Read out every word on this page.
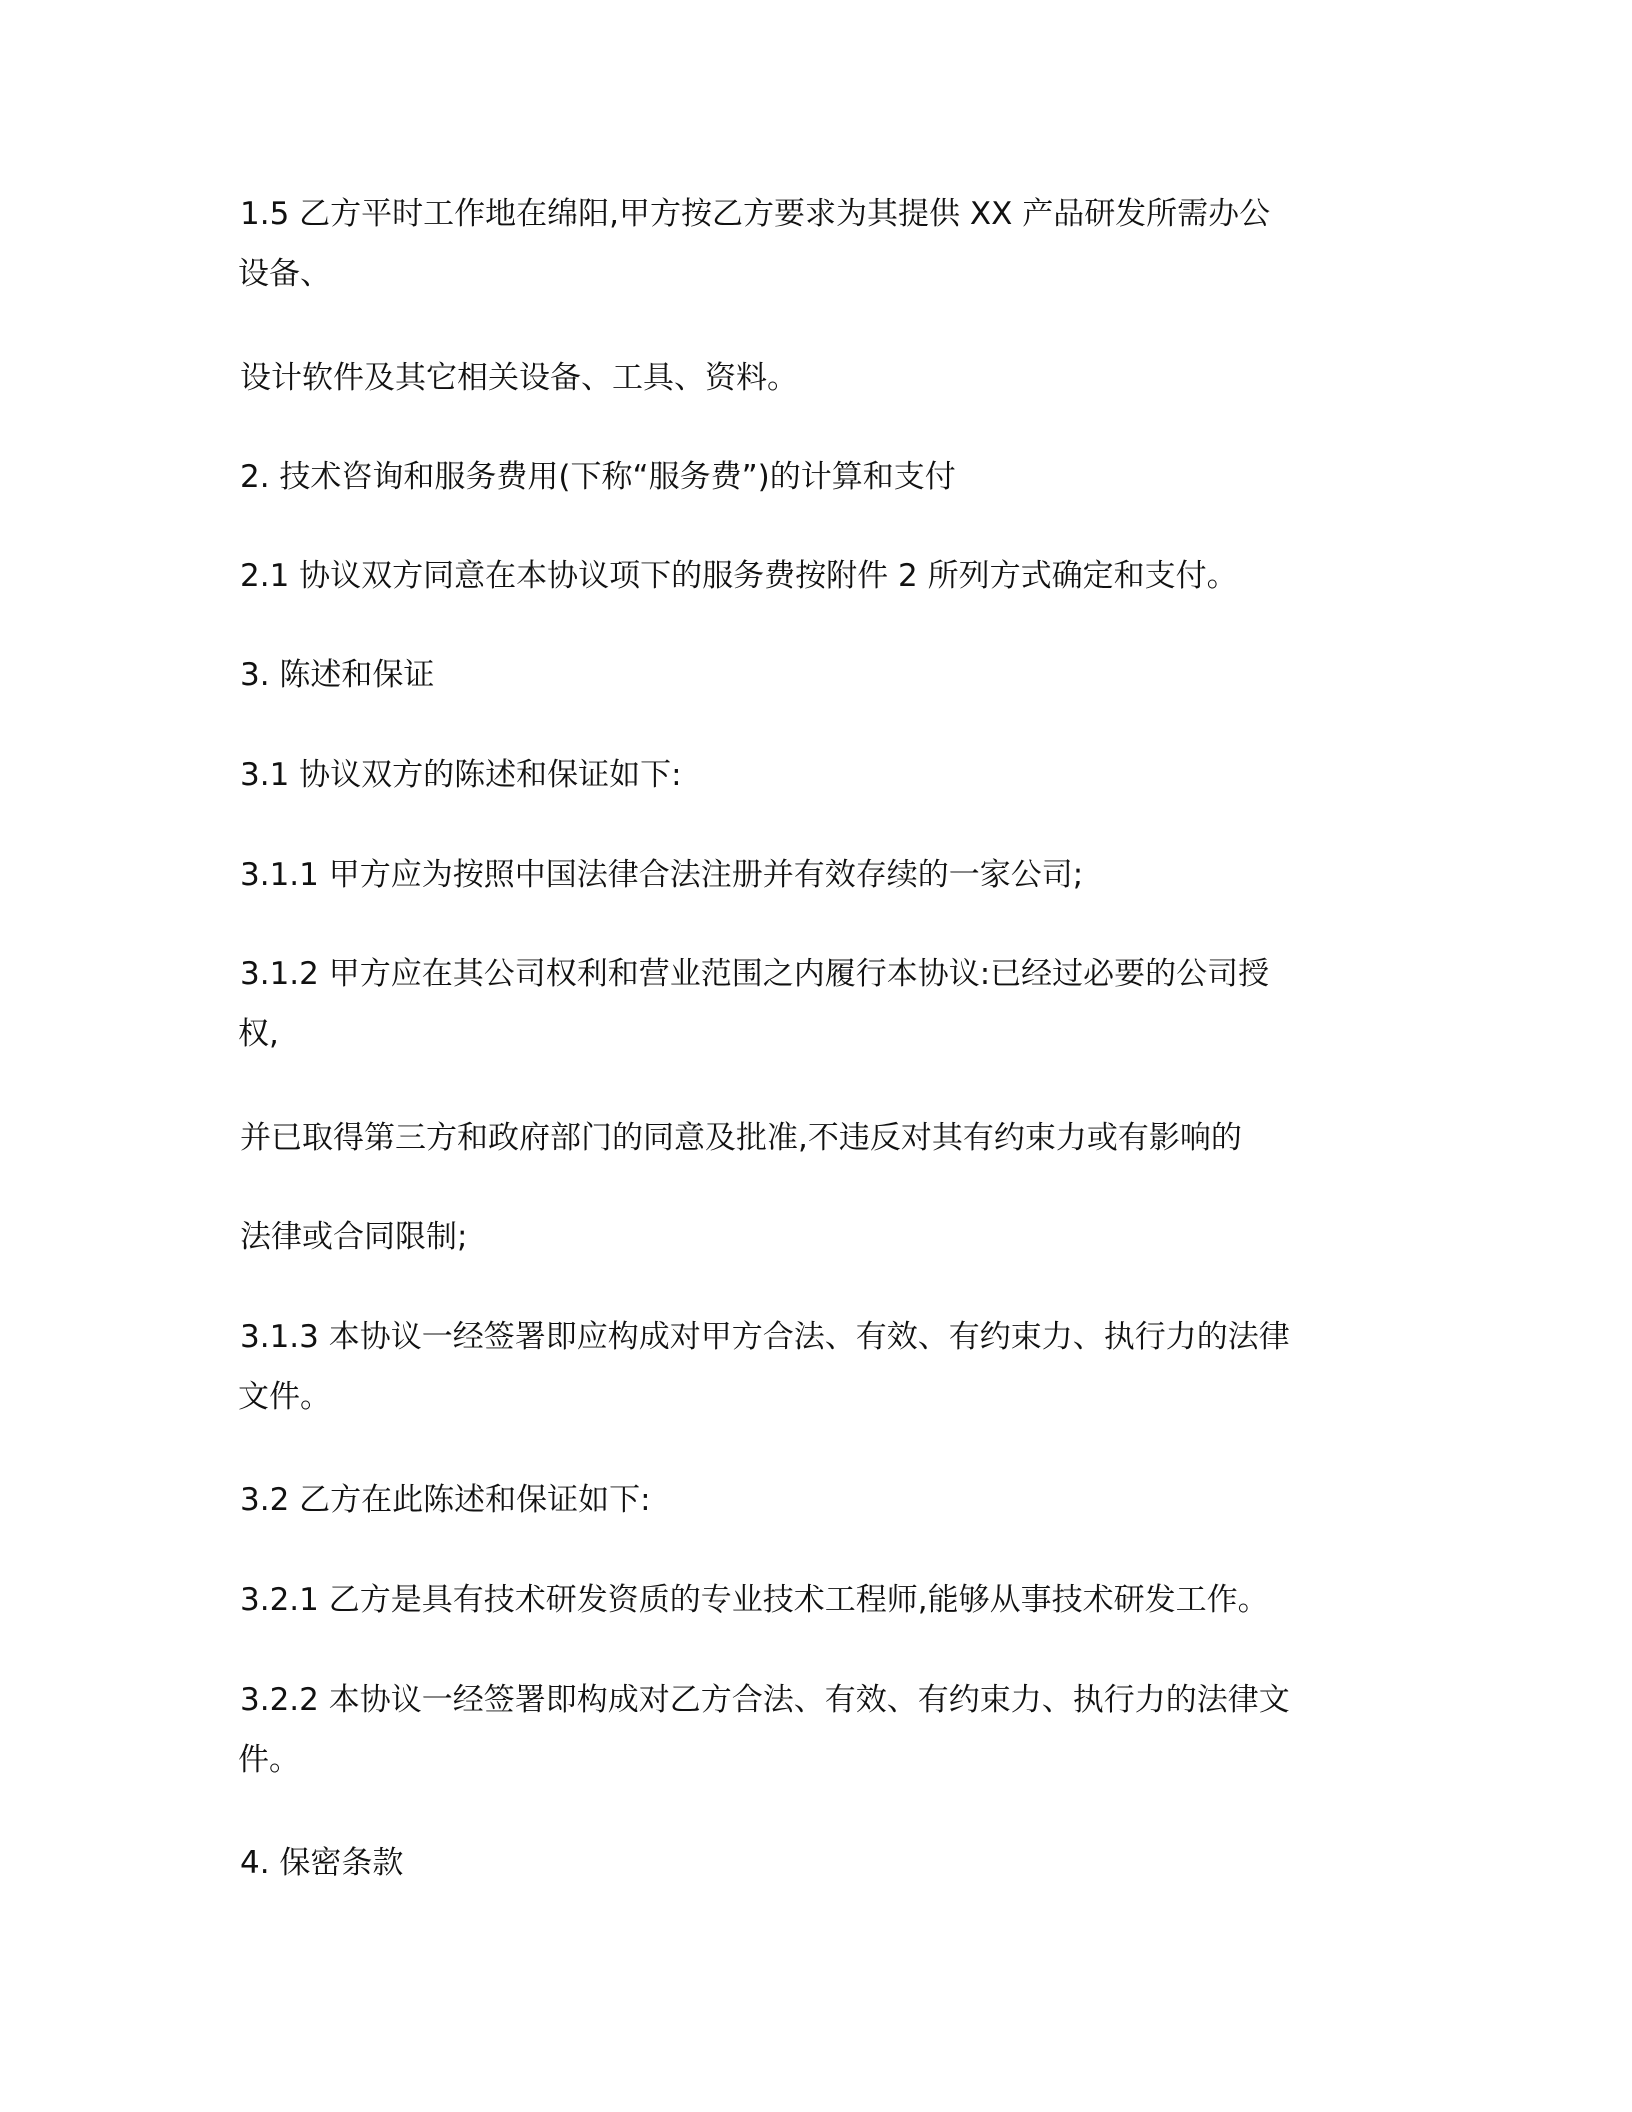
1.5 乙方平时工作地在绵阳,甲方按乙方要求为其提供 XX 产品研发所需办公
设备、
设计软件及其它相关设备、工具、资料。
2. 技术咨询和服务费用(下称“服务费”)的计算和支付
2.1 协议双方同意在本协议项下的服务费按附件 2 所列方式确定和支付。
3. 陈述和保证
3.1 协议双方的陈述和保证如下:
3.1.1 甲方应为按照中国法律合法注册并有效存续的一家公司;
3.1.2 甲方应在其公司权利和营业范围之内履行本协议:已经过必要的公司授
权,
并已取得第三方和政府部门的同意及批准,不违反对其有约束力或有影响的
法律或合同限制;
3.1.3 本协议一经签署即应构成对甲方合法、有效、有约束力、执行力的法律
文件。
3.2 乙方在此陈述和保证如下:
3.2.1 乙方是具有技术研发资质的专业技术工程师,能够从事技术研发工作。
3.2.2 本协议一经签署即构成对乙方合法、有效、有约束力、执行力的法律文
件。
4. 保密条款
